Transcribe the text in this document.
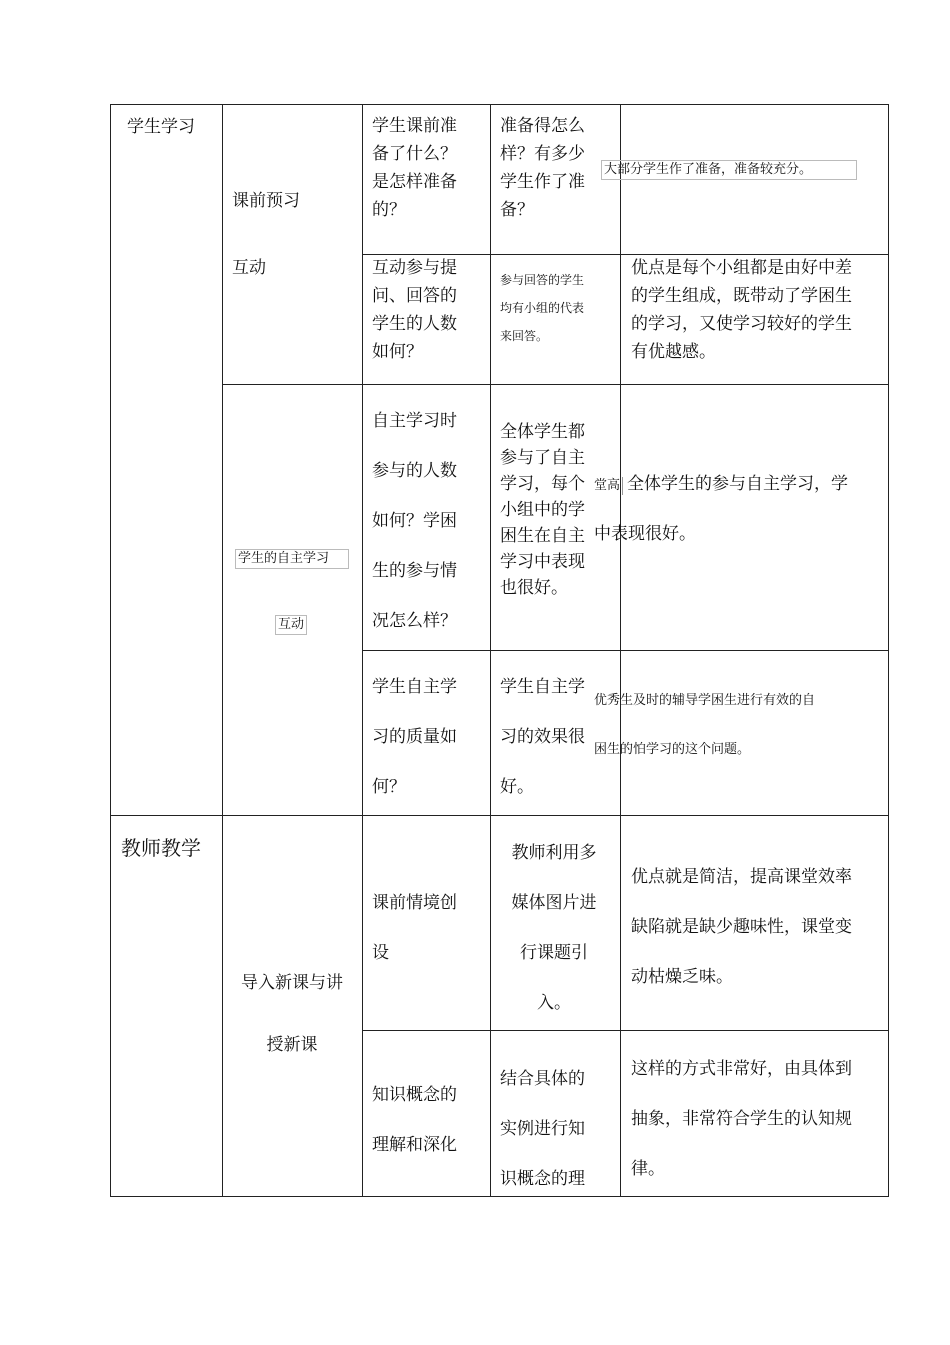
学生学习
课前预习
互动
学生课前准
备了什么？
是怎样准备
的？
准备得怎么
样？有多少
学生作了准
备？
大部分学生作了准备，准备较充分。
互动参与提
问、回答的
学生的人数
如何？
参与回答的学生
均有小组的代表
来回答。
优点是每个小组都是由好中差
的学生组成，既带动了学困生
的学习，又使学习较好的学生
有优越感。
学生的自主学习
互动
自主学习时
参与的人数
如何？学困
生的参与情
况怎么样？
全体学生都
参与了自主
学习，每个
小组中的学
困生在自主
学习中表现
也很好。
堂高 全体学生的参与自主学习，学
中表现很好。
学生自主学
习的质量如
何？
学生自主学
习的效果很
好。
优秀生及时的辅导学困生进行有效的自
困生的怕学习的这个问题。
教师教学
导入新课与讲
授新课
课前情境创
设
教师利用多
媒体图片进
行课题引
入。
优点就是简洁，提高课堂效率
缺陷就是缺少趣味性，课堂变
动枯燥乏味。
知识概念的
理解和深化
结合具体的
实例进行知
识概念的理
这样的方式非常好，由具体到
抽象，非常符合学生的认知规
律。
